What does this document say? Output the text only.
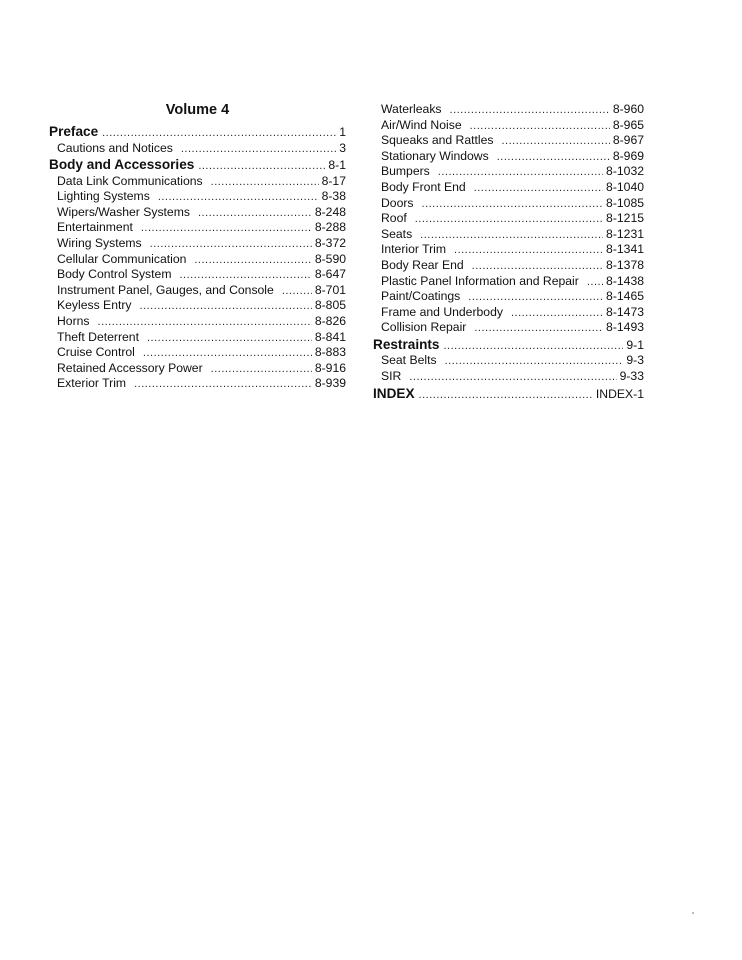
Volume 4
Preface .....	1
Cautions and Notices .....	3
Body and Accessories .....	8-1
Data Link Communications .....	8-17
Lighting Systems .....	8-38
Wipers/Washer Systems .....	8-248
Entertainment .....	8-288
Wiring Systems .....	8-372
Cellular Communication .....	8-590
Body Control System .....	8-647
Instrument Panel, Gauges, and Console .....	8-701
Keyless Entry .....	8-805
Horns .....	8-826
Theft Deterrent .....	8-841
Cruise Control .....	8-883
Retained Accessory Power .....	8-916
Exterior Trim .....	8-939
Waterleaks .....	8-960
Air/Wind Noise .....	8-965
Squeaks and Rattles .....	8-967
Stationary Windows .....	8-969
Bumpers .....	8-1032
Body Front End .....	8-1040
Doors .....	8-1085
Roof .....	8-1215
Seats .....	8-1231
Interior Trim .....	8-1341
Body Rear End .....	8-1378
Plastic Panel Information and Repair ..... 8-1438
Paint/Coatings .....	8-1465
Frame and Underbody .....	8-1473
Collision Repair .....	8-1493
Restraints .....	9-1
Seat Belts .....	9-3
SIR .....	9-33
INDEX .....	INDEX-1
